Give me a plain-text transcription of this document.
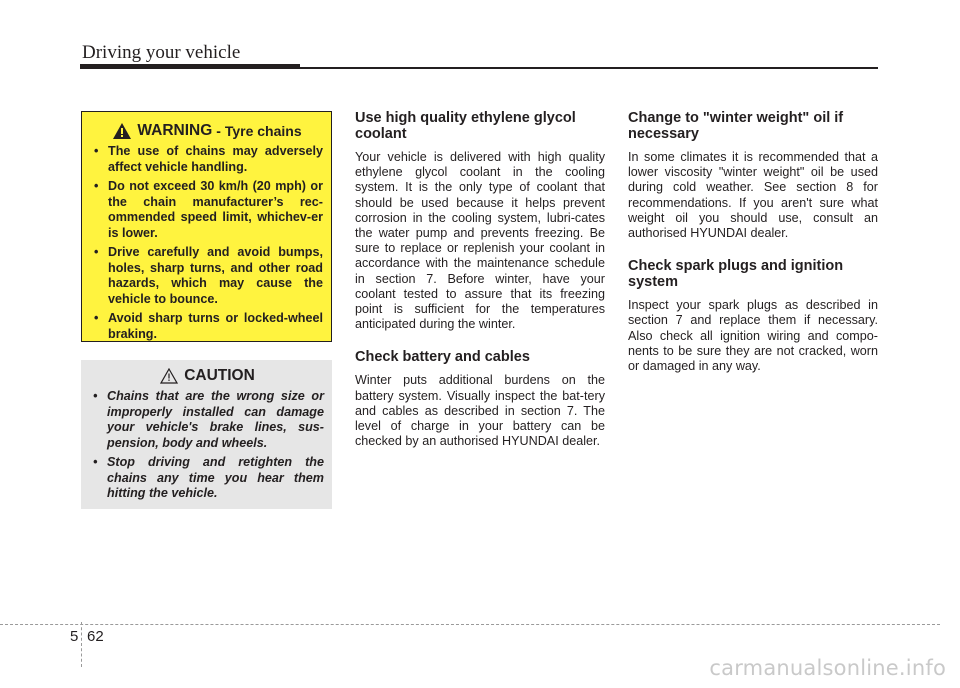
Driving your vehicle
WARNING - Tyre chains
• The use of chains may adversely affect vehicle handling.
• Do not exceed 30 km/h (20 mph) or the chain manufacturer’s rec-ommended speed limit, whichev-er is lower.
• Drive carefully and avoid bumps, holes, sharp turns, and other road hazards, which may cause the vehicle to bounce.
• Avoid sharp turns or locked-wheel braking.
CAUTION
• Chains that are the wrong size or improperly installed can damage your vehicle's brake lines, sus-pension, body and wheels.
• Stop driving and retighten the chains any time you hear them hitting the vehicle.
Use high quality ethylene glycol coolant
Your vehicle is delivered with high quality ethylene glycol coolant in the cooling system. It is the only type of coolant that should be used because it helps prevent corrosion in the cooling system, lubri-cates the water pump and prevents freezing. Be sure to replace or replenish your coolant in accordance with the maintenance schedule in section 7. Before winter, have your coolant tested to assure that its freezing point is sufficient for the temperatures anticipated during the winter.
Check battery and cables
Winter puts additional burdens on the battery system. Visually inspect the bat-tery and cables as described in section 7. The level of charge in your battery can be checked by an authorised HYUNDAI dealer.
Change to "winter weight" oil if necessary
In some climates it is recommended that a lower viscosity "winter weight" oil be used during cold weather. See section 8 for recommendations. If you aren't sure what weight oil you should use, consult an authorised HYUNDAI dealer.
Check spark plugs and ignition system
Inspect your spark plugs as described in section 7 and replace them if necessary. Also check all ignition wiring and compo-nents to be sure they are not cracked, worn or damaged in any way.
5 62
carmanualsonline.info
